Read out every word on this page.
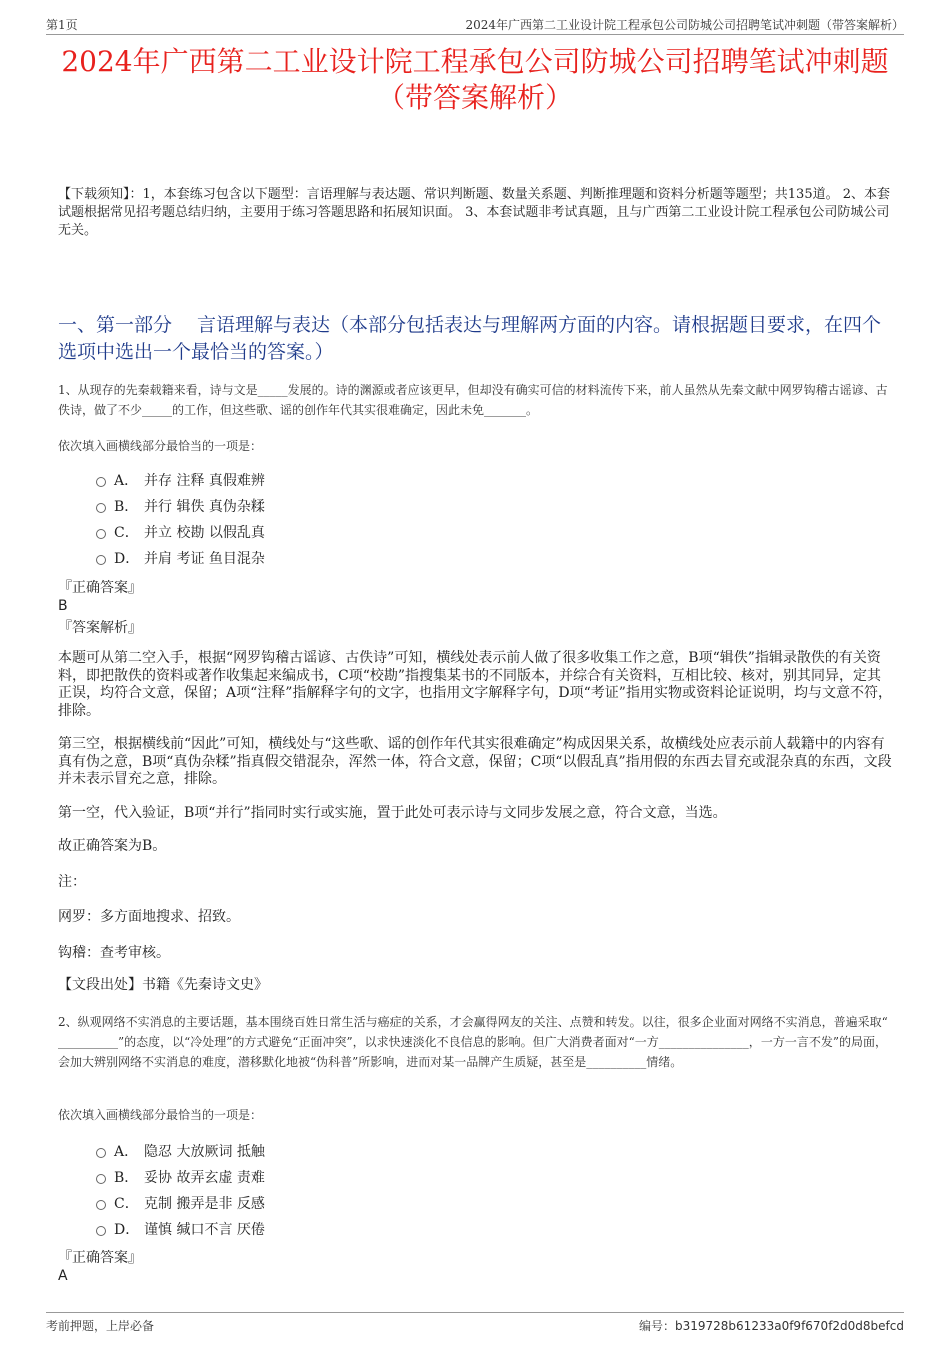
第1页	2024年广西第二工业设计院工程承包公司防城公司招聘笔试冲刺题（带答案解析）
2024年广西第二工业设计院工程承包公司防城公司招聘笔试冲刺题（带答案解析）
【下载须知】：1，本套练习包含以下题型：言语理解与表达题、常识判断题、数量关系题、判断推理题和资料分析题等题型；共135道。 2、本套试题根据常见招考题总结归纳，主要用于练习答题思路和拓展知识面。 3、本套试题非考试真题，且与广西第二工业设计院工程承包公司防城公司无关。
一、第一部分　 言语理解与表达（本部分包括表达与理解两方面的内容。请根据题目要求，在四个选项中选出一个最恰当的答案。）
1、从现存的先秦载籍来看，诗与文是_____发展的。诗的渊源或者应该更早，但却没有确实可信的材料流传下来，前人虽然从先秦文献中网罗钩稽古谣谚、古佚诗，做了不少_____的工作，但这些歌、谣的创作年代其实很难确定，因此未免_______。
依次填入画横线部分最恰当的一项是：
A． 并存 注释 真假难辨
B． 并行 辑佚 真伪杂糅
C． 并立 校勘 以假乱真
D． 并肩 考证 鱼目混杂
『正确答案』
B
『答案解析』

本题可从第二空入手，根据“网罗钩稽古谣谚、古佚诗”可知，横线处表示前人做了很多收集工作之意，B项“辑佚”指辑录散佚的有关资料，即把散佚的资料或著作收集起来编成书，C项“校勘”指搜集某书的不同版本，并综合有关资料，互相比较、核对，别其同异，定其正误，均符合文意，保留；A项“注释”指解释字句的文字，也指用文字解释字句，D项“考证”指用实物或资料论证说明，均与文意不符，排除。

第三空，根据横线前“因此”可知，横线处与“这些歌、谣的创作年代其实很难确定”构成因果关系，故横线处应表示前人载籍中的内容有真有伪之意，B项“真伪杂糅”指真假交错混杂，浑然一体，符合文意，保留；C项“以假乱真”指用假的东西去冒充或混杂真的东西，文段并未表示冒充之意，排除。

第一空，代入验证，B项“并行”指同时实行或实施，置于此处可表示诗与文同步发展之意，符合文意，当选。

故正确答案为B。

注：

网罗：多方面地搜求、招致。

钩稽：查考审核。

【文段出处】书籍《先秦诗文史》
2、纵观网络不实消息的主要话题，基本围绕百姓日常生活与癌症的关系，才会赢得网友的关注、点赞和转发。以往，很多企业面对网络不实消息，普遍采取“ __________”的态度，以“冷处理”的方式避免“正面冲突”，以求快速淡化不良信息的影响。但广大消费者面对“一方_______________，一方一言不发”的局面，会加大辨别网络不实消息的难度，潜移默化地被“伪科普”所影响，进而对某一品牌产生质疑，甚至是__________情绪。
依次填入画横线部分最恰当的一项是：
A． 隐忍 大放厥词 抵触
B． 妥协 故弄玄虚 责难
C． 克制 搬弄是非 反感
D． 谨慎 缄口不言 厌倦
『正确答案』
A
考前押题，上岸必备	编号：b319728b61233a0f9f670f2d0d8befcd
